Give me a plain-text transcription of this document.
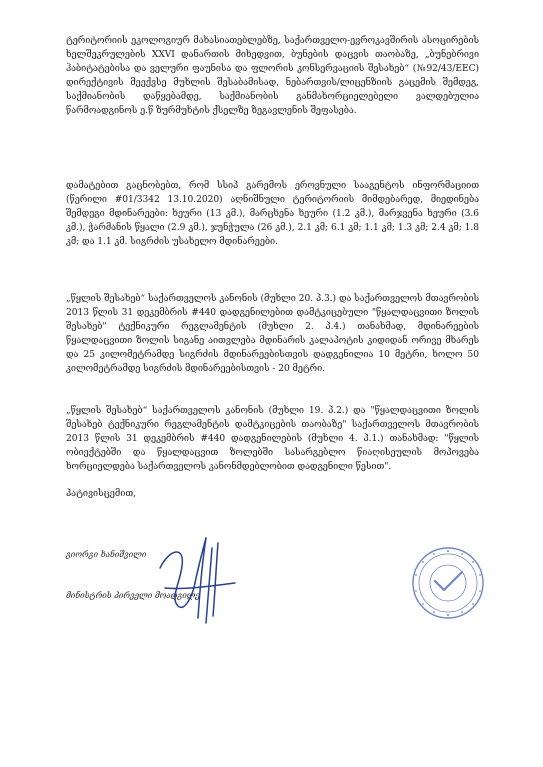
ტერიტორიის ეკოლოგიურ მახასიათებლებზე, საქართველო-ევროკავშირის ასოცირების ხელშეკრულების XXVI დანართის მიხედვით, ბუნების დაცვის თაობაზე, „ბუნებრივი ჰაბიტატებისა და ველური ფაუნისა და ფლორის კონსერვაციის შესახებ“ (№92/43/EEC) დირექტივის მეექვსე მუხლის შესაბამისად, ნებართვის/ლიცენზიის გაცემის შემდეგ, საქმიანობის დაწყებამდე, საქმიანობის განმახორციელებელი ვალდებულია წარმოადგინოს ე.წ ზურმუხტის ქსელზე ზეგავლენის შეფასება.

დამატებით გაცნობებთ, რომ სსიპ გარემოს ეროვნული სააგენტოს ინფორმაციით (წერილი #01/3342 13.10.2020) აღნიშნული ტერიტორიის მიმდებარედ, მიედინება შემდეგი მდინარეები: ხეური (13 კმ.), მარცხენა ხეური (1.2 კმ.), მარჯვენა ხეური (3.6 კმ.), ჭარმანის წყალი (2.9 კმ.), ჯუნჭულა (26 კმ.), 2.1 კმ; 6.1 კმ; 1.1 კმ; 1.3 კმ; 2.4 კმ; 1.8 კმ; და 1.1 კმ. სიგრძის უსახელო მდინარეები.

„წყლის შესახებ“ საქართველოს კანონის (მუხლი 20. პ.3.) და საქართველოს მთავრობის 2013 წლის 31 დეკემბრის #440 დადგენილებით დამტკიცებული "წყალდაცვითი ზოლის შესახებ" ტექნიკური რეგლამენტის (მუხლი 2. პ.4.) თანახმად, მდინარეების წყალდაცვითი ზოლის სიგანე აითვლება მდინარის კალაპოტის კიდიდან ორივე მხარეს და 25 კილომეტრამდე სიგრძის მდინარეებისთვის დადგენილია 10 მეტრი, ხოლო 50 კილომეტრამდე სიგრძის მდინარეებისთვის - 20 მეტრი.

„წყლის შესახებ“ საქართველოს კანონის (მუხლი 19. პ.2.) და "წყალდაცვითი ზოლის შესახებ ტექნიკური რეგლამენტის დამტკიცების თაობაზე" საქართველოს მთავრობის 2013 წლის 31 დეკემბრის #440 დადგენილების (მუხლი 4. პ.1.) თანახმად: "წყლის ობიექტებში და წყალდაცვით ზოლებში სასარგებლო წიაღისეულის მოპოვება ხორციელდება საქართველოს კანონმდებლობით დადგენილი წესით".

პატივისცემით,
გიორგი ხანიშვილი
მინისტრის პირველი მოადგილე
